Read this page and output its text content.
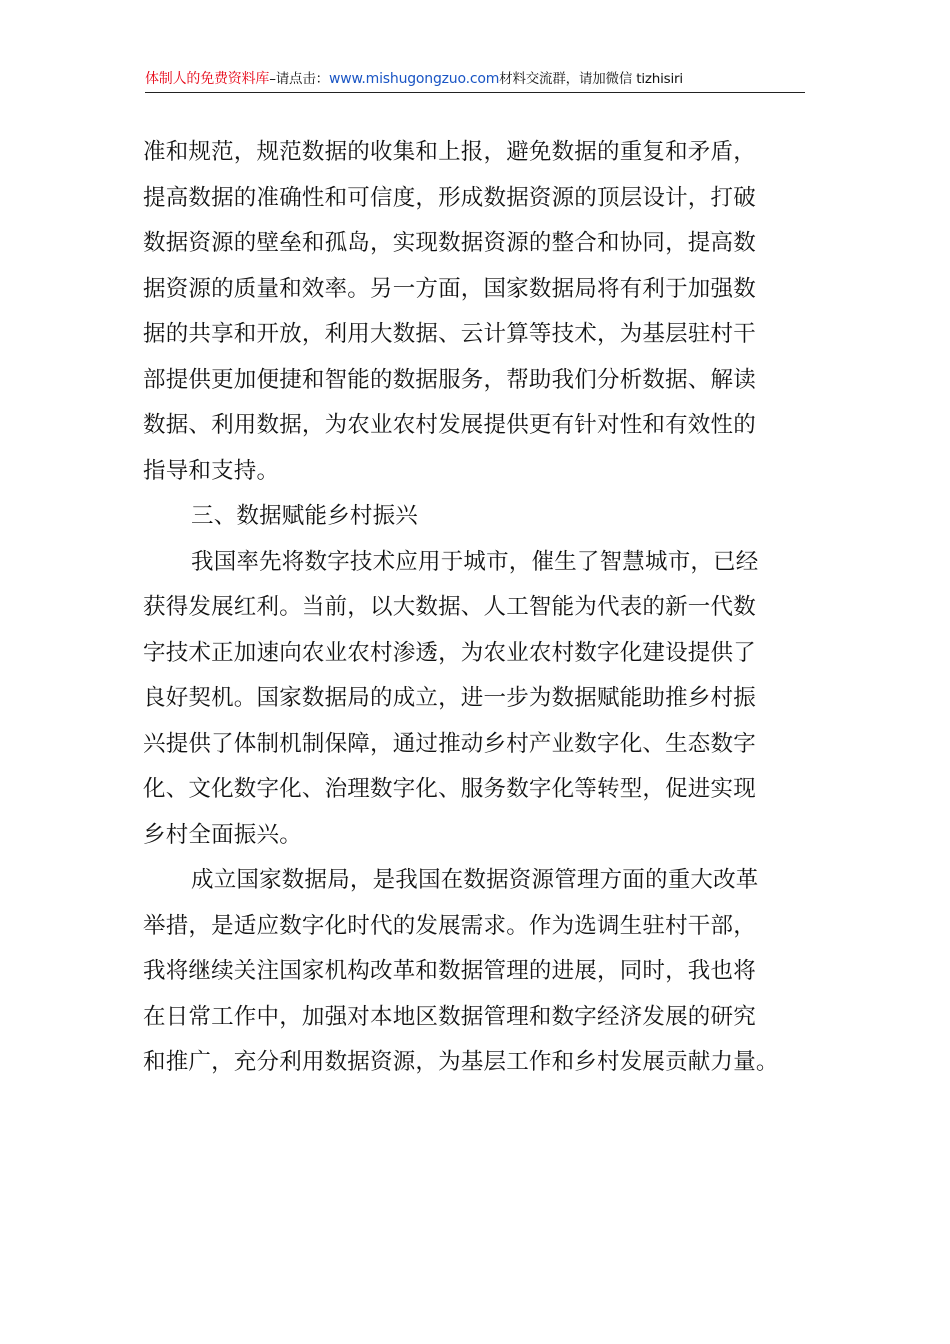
体制人的免费资料库–请点击：www.mishugongzuo.com材料交流群，请加微信 tizhisiri
准和规范，规范数据的收集和上报，避免数据的重复和矛盾，
提高数据的准确性和可信度，形成数据资源的顶层设计，打破
数据资源的壁垒和孤岛，实现数据资源的整合和协同，提高数
据资源的质量和效率。另一方面，国家数据局将有利于加强数
据的共享和开放，利用大数据、云计算等技术，为基层驻村干
部提供更加便捷和智能的数据服务，帮助我们分析数据、解读
数据、利用数据，为农业农村发展提供更有针对性和有效性的
指导和支持。
三、数据赋能乡村振兴
我国率先将数字技术应用于城市，催生了智慧城市，已经
获得发展红利。当前，以大数据、人工智能为代表的新一代数
字技术正加速向农业农村渗透，为农业农村数字化建设提供了
良好契机。国家数据局的成立，进一步为数据赋能助推乡村振
兴提供了体制机制保障，通过推动乡村产业数字化、生态数字
化、文化数字化、治理数字化、服务数字化等转型，促进实现
乡村全面振兴。
成立国家数据局，是我国在数据资源管理方面的重大改革
举措，是适应数字化时代的发展需求。作为选调生驻村干部，
我将继续关注国家机构改革和数据管理的进展，同时，我也将
在日常工作中，加强对本地区数据管理和数字经济发展的研究
和推广，充分利用数据资源，为基层工作和乡村发展贡献力量。
